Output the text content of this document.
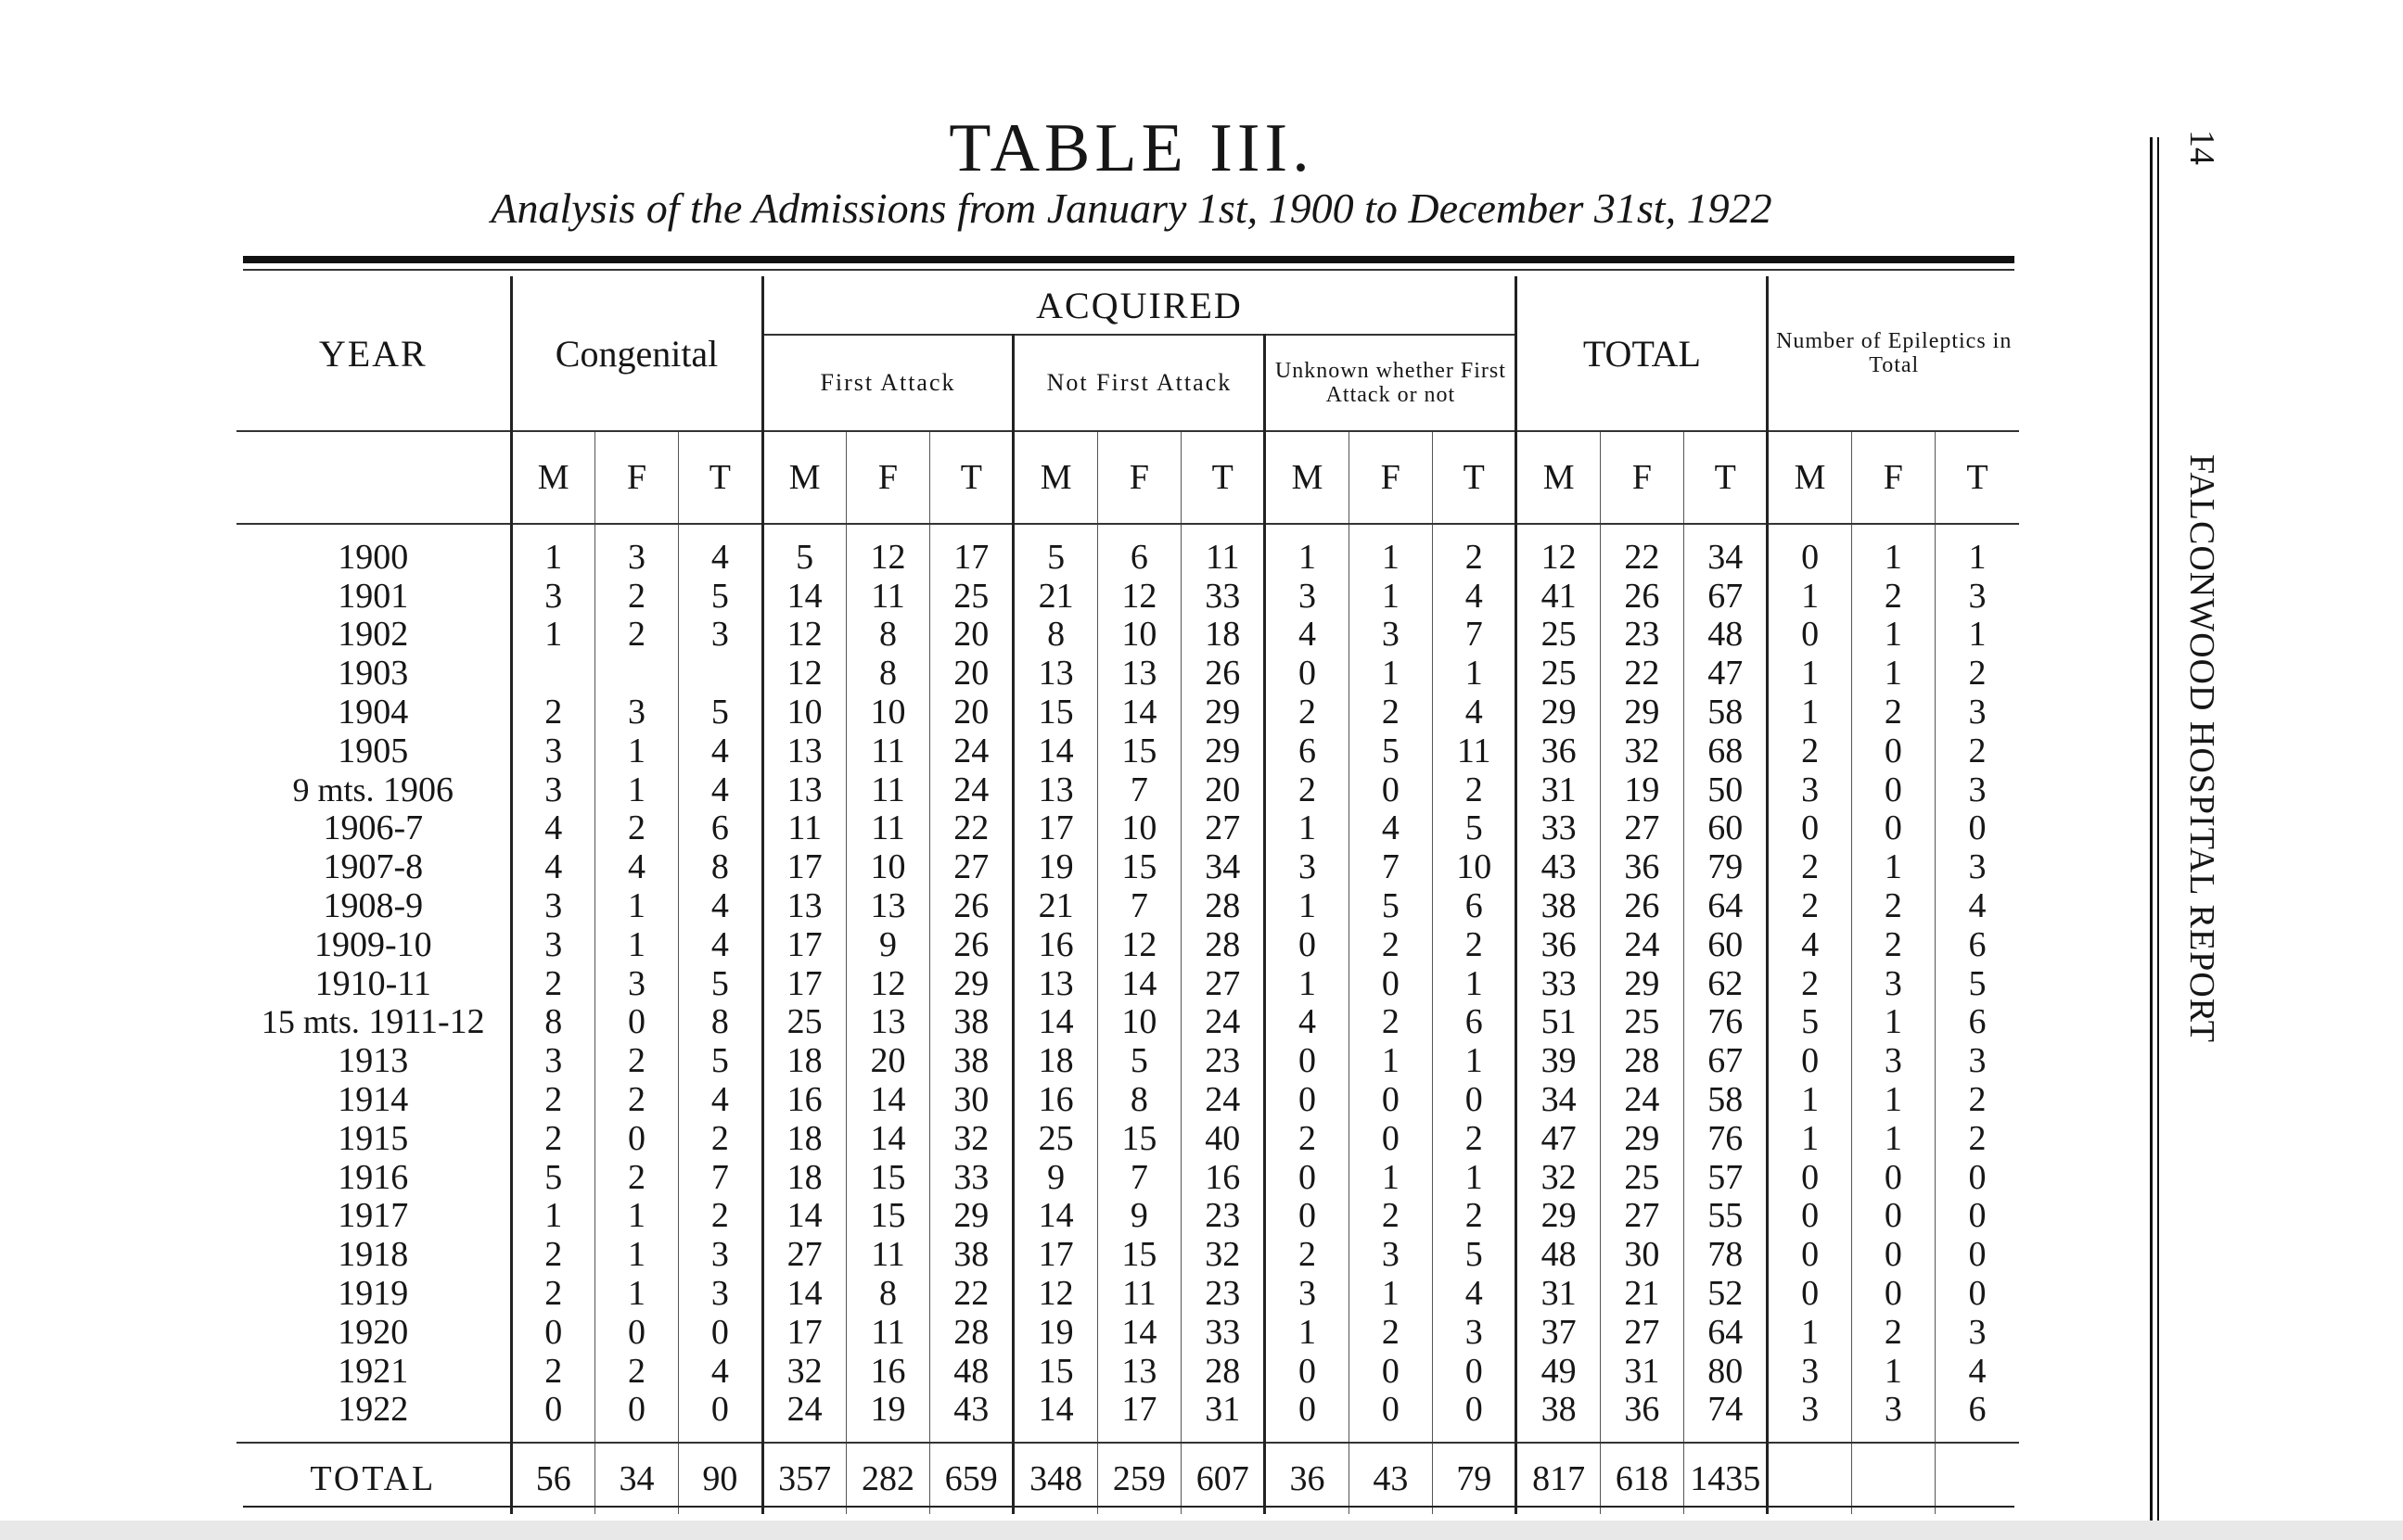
TABLE III.
Analysis of the Admissions from January 1st, 1900 to December 31st, 1922
YEAR	Congenital			ACQUIRED									TOTAL			Number of Epileptics in Total		
				First Attack			Not First Attack			Unknown whether First Attack or not								
	M	F	T	M	F	T	M	F	T	M	F	T	M	F	T	M	F	T
1900	1	3	4	5	12	17	5	6	11	1	1	2	12	22	34	0	1	1
1901	3	2	5	14	11	25	21	12	33	3	1	4	41	26	67	1	2	3
1902	1	2	3	12	8	20	8	10	18	4	3	7	25	23	48	0	1	1
1903				12	8	20	13	13	26	0	1	1	25	22	47	1	1	2
1904	2	3	5	10	10	20	15	14	29	2	2	4	29	29	58	1	2	3
1905	3	1	4	13	11	24	14	15	29	6	5	11	36	32	68	2	0	2
9 mts. 1906	3	1	4	13	11	24	13	7	20	2	0	2	31	19	50	3	0	3
1906-7	4	2	6	11	11	22	17	10	27	1	4	5	33	27	60	0	0	0
1907-8	4	4	8	17	10	27	19	15	34	3	7	10	43	36	79	2	1	3
1908-9	3	1	4	13	13	26	21	7	28	1	5	6	38	26	64	2	2	4
1909-10	3	1	4	17	9	26	16	12	28	0	2	2	36	24	60	4	2	6
1910-11	2	3	5	17	12	29	13	14	27	1	0	1	33	29	62	2	3	5
15 mts. 1911-12	8	0	8	25	13	38	14	10	24	4	2	6	51	25	76	5	1	6
1913	3	2	5	18	20	38	18	5	23	0	1	1	39	28	67	0	3	3
1914	2	2	4	16	14	30	16	8	24	0	0	0	34	24	58	1	1	2
1915	2	0	2	18	14	32	25	15	40	2	0	2	47	29	76	1	1	2
1916	5	2	7	18	15	33	9	7	16	0	1	1	32	25	57	0	0	0
1917	1	1	2	14	15	29	14	9	23	0	2	2	29	27	55	0	0	0
1918	2	1	3	27	11	38	17	15	32	2	3	5	48	30	78	0	0	0
1919	2	1	3	14	8	22	12	11	23	3	1	4	31	21	52	0	0	0
1920	0	0	0	17	11	28	19	14	33	1	2	3	37	27	64	1	2	3
1921	2	2	4	32	16	48	15	13	28	0	0	0	49	31	80	3	1	4
1922	0	0	0	24	19	43	14	17	31	0	0	0	38	36	74	3	3	6
TOTAL	56	34	90	357	282	659	348	259	607	36	43	79	817	618	1435			
14
FALCONWOOD HOSPITAL REPORT
